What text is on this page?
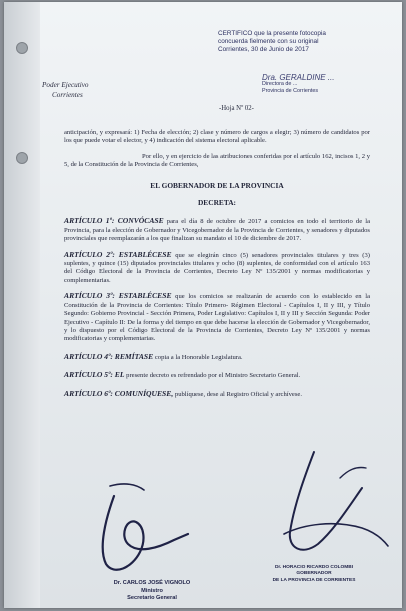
CERTIFICO que la presente fotocopia
concuerda fielmente con su original
Corrientes, 30 de Junio de 2017
Dra. GERALDINE ...
Directora de ...
Provincia de Corrientes
Poder Ejecutivo
Corrientes
-Hoja Nº 02-

anticipación, y expresará: 1) Fecha de elección; 2) clase y número de cargos a elegir; 3) número de candidatos por los que puede votar el elector, y 4) indicación del sistema electoral aplicable.

Por ello, y en ejercicio de las atribuciones conferidas por el artículo 162, incisos 1, 2 y 5, de la Constitución de la Provincia de Corrientes,

EL GOBERNADOR DE LA PROVINCIA

DECRETA:

ARTÍCULO 1º: CONVÓCASE para el día 8 de octubre de 2017 a comicios en todo el territorio de la Provincia, para la elección de Gobernador y Vicegobernador de la Provincia de Corrientes, y senadores y diputados provinciales que reemplazarán a los que finalizan su mandato el 10 de diciembre de 2017.

ARTÍCULO 2º: ESTABLÉCESE que se elegirán cinco (5) senadores provinciales titulares y tres (3) suplentes, y quince (15) diputados provinciales titulares y ocho (8) suplentes, de conformidad con el artículo 163 del Código Electoral de la Provincia de Corrientes, Decreto Ley Nº 135/2001 y normas modificatorias y complementarias.

ARTÍCULO 3º: ESTABLÉCESE que los comicios se realizarán de acuerdo con lo establecido en la Constitución de la Provincia de Corrientes: Título Primero- Régimen Electoral - Capítulos I, II y III, y Título Segundo: Gobierno Provincial - Sección Primera, Poder Legislativo: Capítulos I, II y III y Sección Segunda: Poder Ejecutivo - Capítulo II: De la forma y del tiempo en que debe hacerse la elección de Gobernador y Vicegobernador, y lo dispuesto por el Código Electoral de la Provincia de Corrientes, Decreto Ley Nº 135/2001 y normas modificatorias y complementarias.

ARTÍCULO 4º: REMÍTASE copia a la Honorable Legislatura.

ARTÍCULO 5º: EL presente decreto es refrendado por el Ministro Secretario General.

ARTÍCULO 6º: COMUNÍQUESE, publíquese, dese al Registro Oficial y archívese.

Dr. CARLOS JOSÉ VIGNOLO
Ministro
Secretario General
Dr. HORACIO RICARDO COLOMBI
GOBERNADOR
DE LA PROVINCIA DE CORRIENTES
